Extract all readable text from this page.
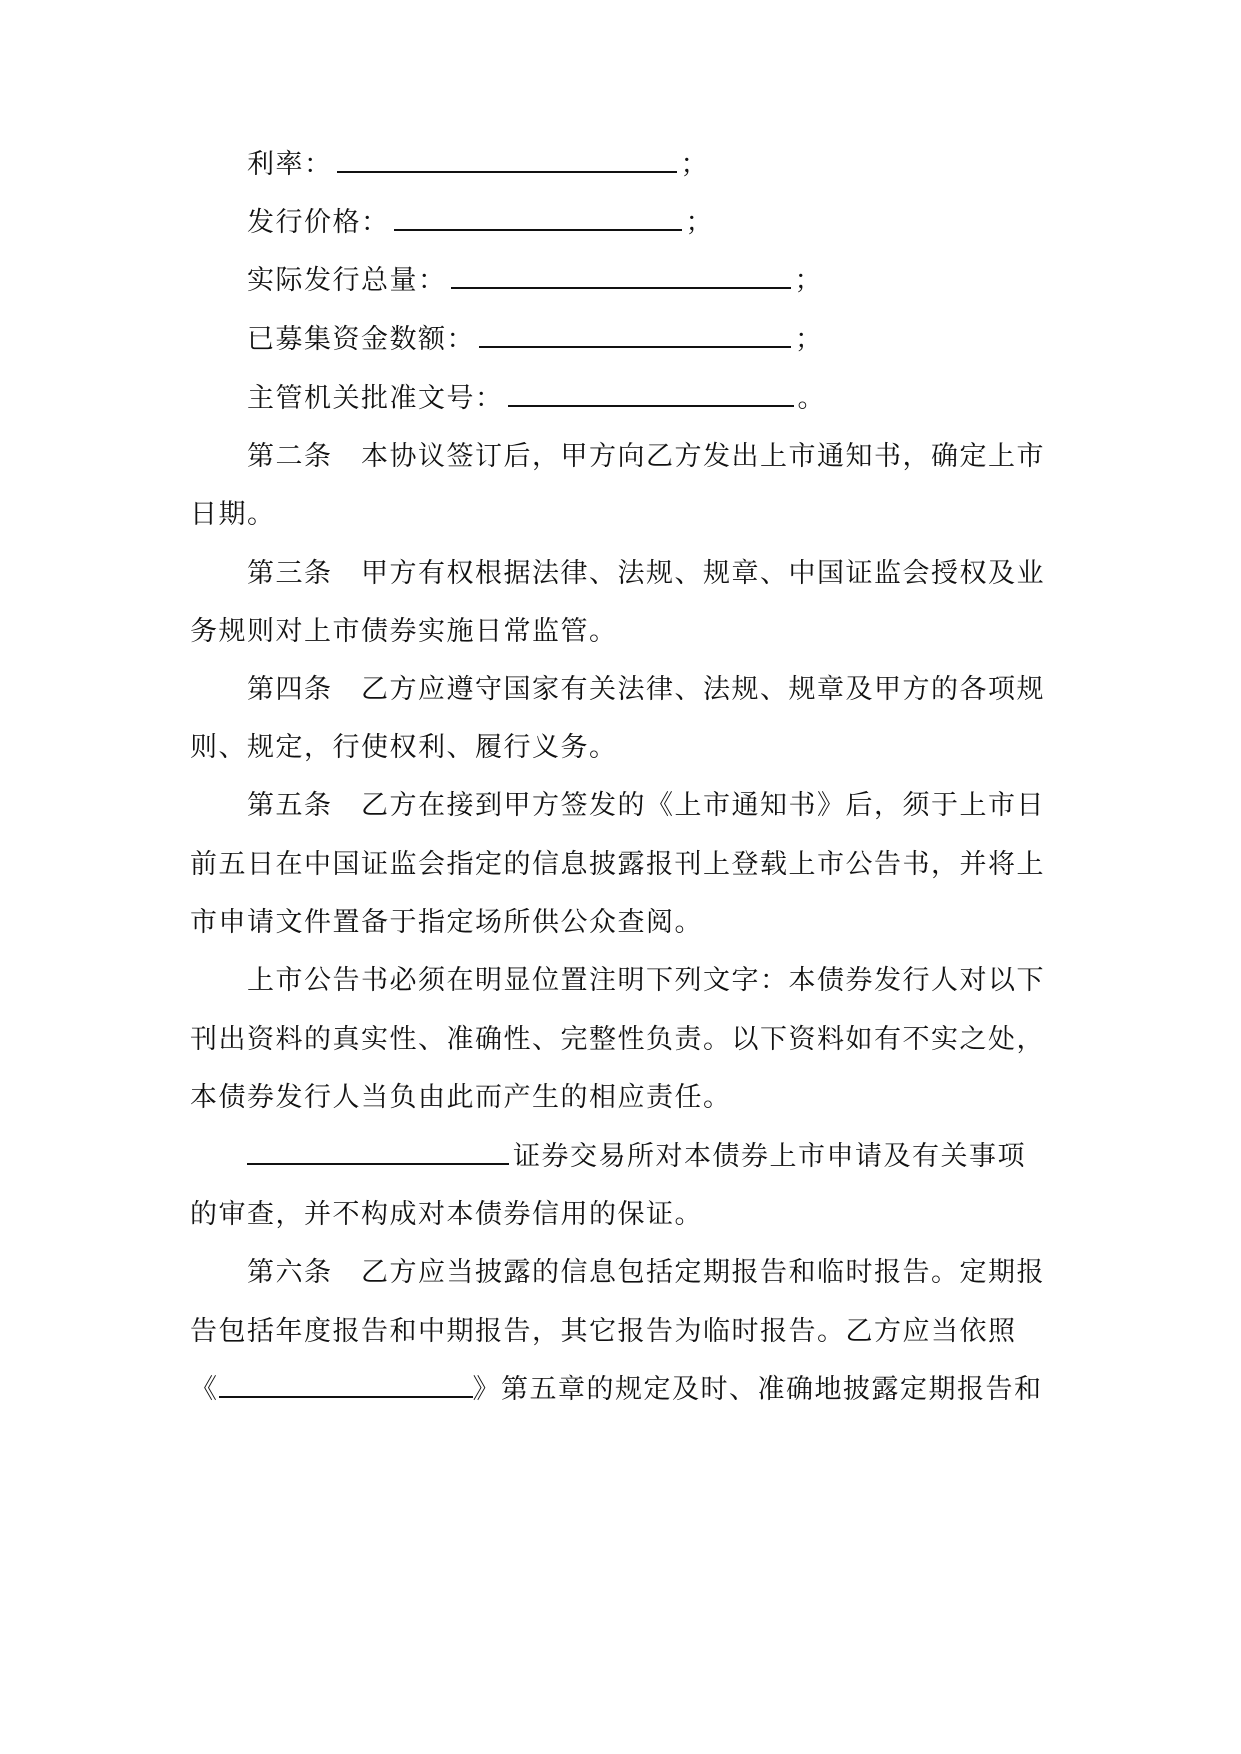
利率：	；
发行价格：	；
实际发行总量：	；
已募集资金数额：	；
主管机关批准文号：	。
第二条　本协议签订后，甲方向乙方发出上市通知书，确定上市
日期。
第三条　甲方有权根据法律、法规、规章、中国证监会授权及业
务规则对上市债券实施日常监管。
第四条　乙方应遵守国家有关法律、法规、规章及甲方的各项规
则、规定，行使权利、履行义务。
第五条　乙方在接到甲方签发的《上市通知书》后，须于上市日
前五日在中国证监会指定的信息披露报刊上登载上市公告书，并将上
市申请文件置备于指定场所供公众查阅。
上市公告书必须在明显位置注明下列文字：本债券发行人对以下
刊出资料的真实性、准确性、完整性负责。以下资料如有不实之处，
本债券发行人当负由此而产生的相应责任。
证券交易所对本债券上市申请及有关事项
的审查，并不构成对本债券信用的保证。
第六条　乙方应当披露的信息包括定期报告和临时报告。定期报
告包括年度报告和中期报告，其它报告为临时报告。乙方应当依照
《	》第五章的规定及时、准确地披露定期报告和
